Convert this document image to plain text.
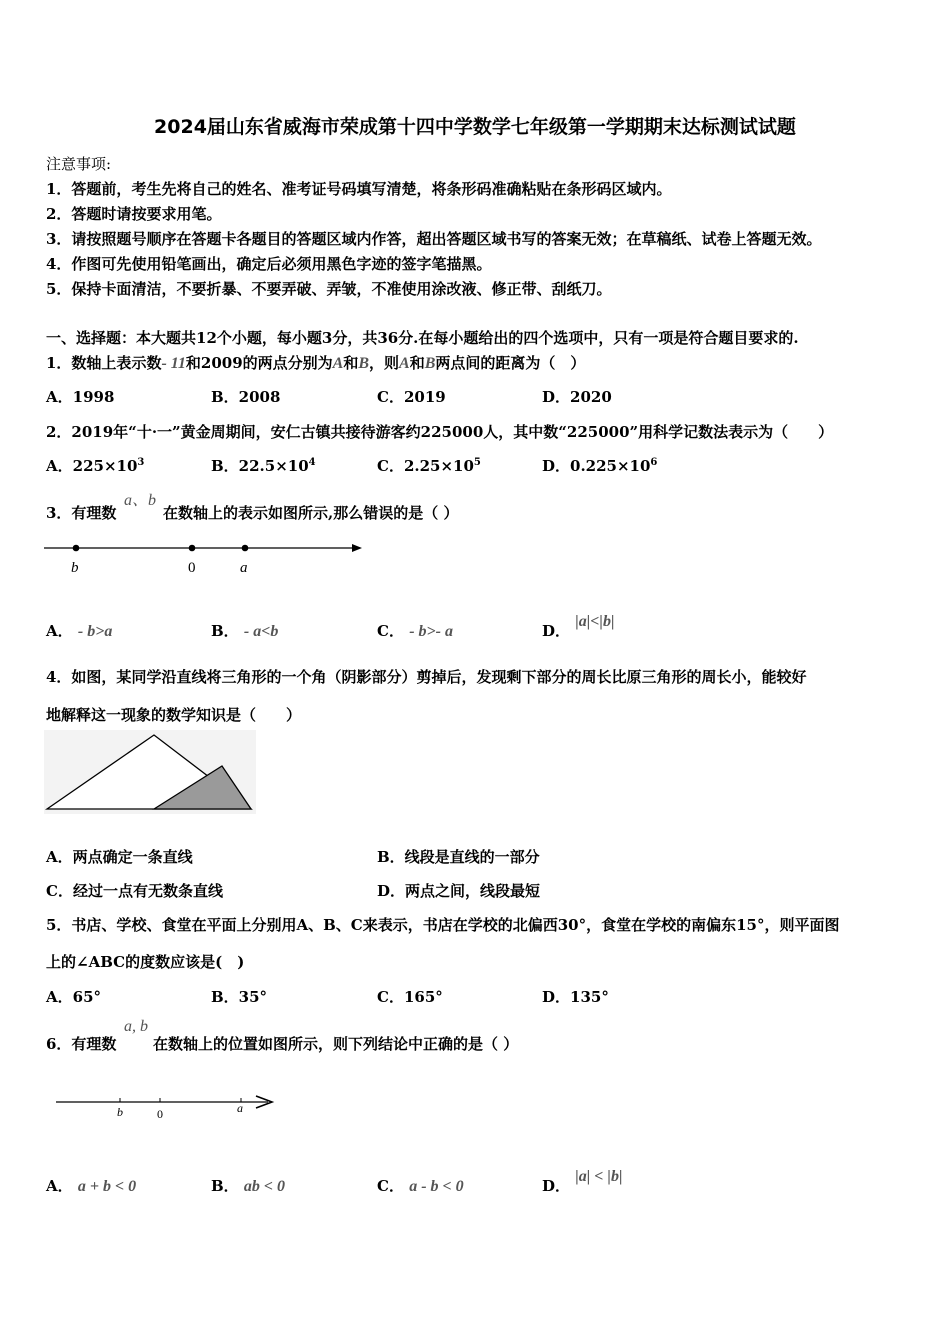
2024届山东省威海市荣成第十四中学数学七年级第一学期期末达标测试试题
注意事项:
1．答题前，考生先将自己的姓名、准考证号码填写清楚，将条形码准确粘贴在条形码区域内。
2．答题时请按要求用笔。
3．请按照题号顺序在答题卡各题目的答题区域内作答，超出答题区域书写的答案无效；在草稿纸、试卷上答题无效。
4．作图可先使用铅笔画出，确定后必须用黑色字迹的签字笔描黑。
5．保持卡面清洁，不要折暴、不要弄破、弄皱，不准使用涂改液、修正带、刮纸刀。
一、选择题：本大题共12个小题，每小题3分，共36分.在每小题给出的四个选项中，只有一项是符合题目要求的.
1．数轴上表示数- 11和2009的两点分别为A和B，则A和B两点间的距离为（　）
A．1998	B．2008	C．2019	D．2020
2．2019年“十·一”黄金周期间，安仁古镇共接待游客约225000人，其中数“225000”用科学记数法表示为（　　）
A．$225\times 10^3$	B．$22.5\times 10^4$	C．$2.25\times 10^5$	D．$0.225\times 10^6$
3．有理数
a、b
在数轴上的表示如图所示,那么错误的是（ ）
b	0	a
A． - b>a	B． - a<b	C． - b>- a	D． |a|<|b|
4．如图，某同学沿直线将三角形的一个角（阴影部分）剪掉后，发现剩下部分的周长比原三角形的周长小，能较好
地解释这一现象的数学知识是（　　）
A．两点确定一条直线	B．线段是直线的一部分
C．经过一点有无数条直线	D．两点之间，线段最短
5．书店、学校、食堂在平面上分别用A、B、C来表示，书店在学校的北偏西30°，食堂在学校的南偏东15°，则平面图
上的∠ABC的度数应该是(　)
A．65°	B．35°	C．165°	D．135°
6．有理数
a, b
在数轴上的位置如图所示，则下列结论中正确的是（ ）
b	0	a
A． a + b < 0	B． ab < 0	C． a - b < 0	D． |a| < |b|
